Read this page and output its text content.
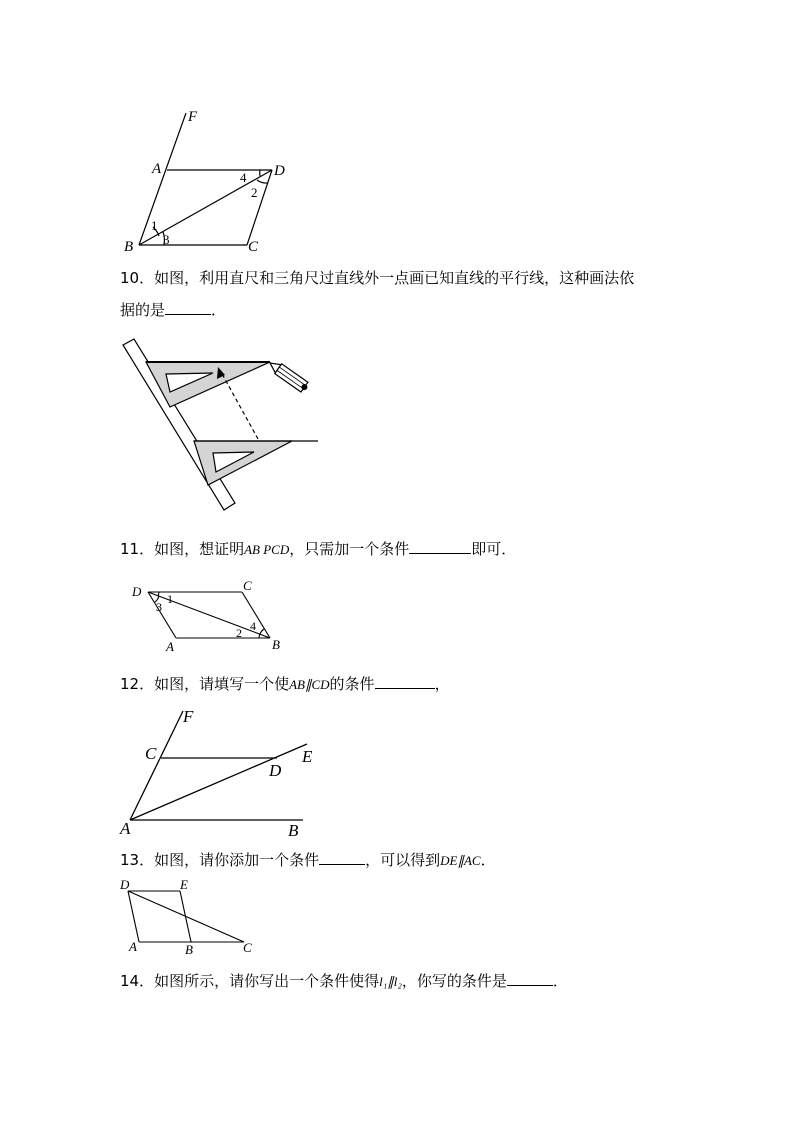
F
A	D
B	C
1
2
3
4
10．如图，利用直尺和三角尺过直线外一点画已知直线的平行线，这种画法依
据的是	．
11．如图，想证明AB PCD，只需加一个条件	即可．
D	C
A	B
1
3
2 4
12．如图，请填写一个使AB∥CD的条件	，
F
C
D
E
A	B
13．如图，请你添加一个条件	，可以得到DE∥AC．
D	E
A	B	C
14．如图所示，请你写出一个条件使得l₁∥l₂，你写的条件是	．
